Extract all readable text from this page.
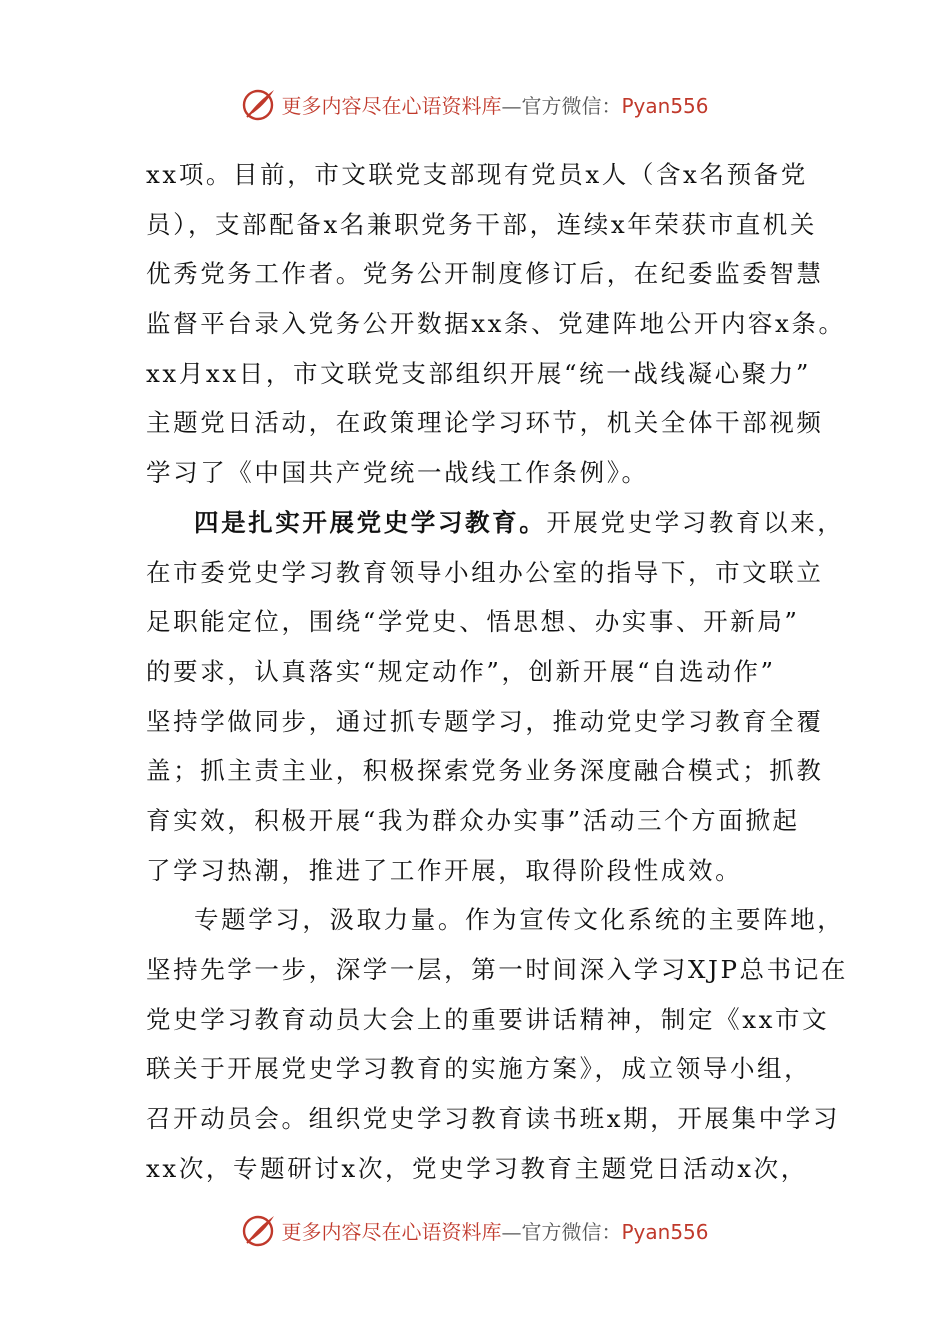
更多内容尽在心语资料库—官方微信：Pyan556
xx项。目前，市文联党支部现有党员x人（含x名预备党
员），支部配备x名兼职党务干部，连续x年荣获市直机关
优秀党务工作者。党务公开制度修订后，在纪委监委智慧
监督平台录入党务公开数据xx条、党建阵地公开内容x条。
xx月xx日，市文联党支部组织开展“统一战线凝心聚力”
主题党日活动，在政策理论学习环节，机关全体干部视频
学习了《中国共产党统一战线工作条例》。
四是扎实开展党史学习教育。开展党史学习教育以来，
在市委党史学习教育领导小组办公室的指导下，市文联立
足职能定位，围绕“学党史、悟思想、办实事、开新局”
的要求，认真落实“规定动作”，创新开展“自选动作”
坚持学做同步，通过抓专题学习，推动党史学习教育全覆
盖；抓主责主业，积极探索党务业务深度融合模式；抓教
育实效，积极开展“我为群众办实事”活动三个方面掀起
了学习热潮，推进了工作开展，取得阶段性成效。
专题学习，汲取力量。作为宣传文化系统的主要阵地，
坚持先学一步，深学一层，第一时间深入学习XJP总书记在
党史学习教育动员大会上的重要讲话精神，制定《xx市文
联关于开展党史学习教育的实施方案》，成立领导小组，
召开动员会。组织党史学习教育读书班x期，开展集中学习
xx次，专题研讨x次，党史学习教育主题党日活动x次，
更多内容尽在心语资料库—官方微信：Pyan556
